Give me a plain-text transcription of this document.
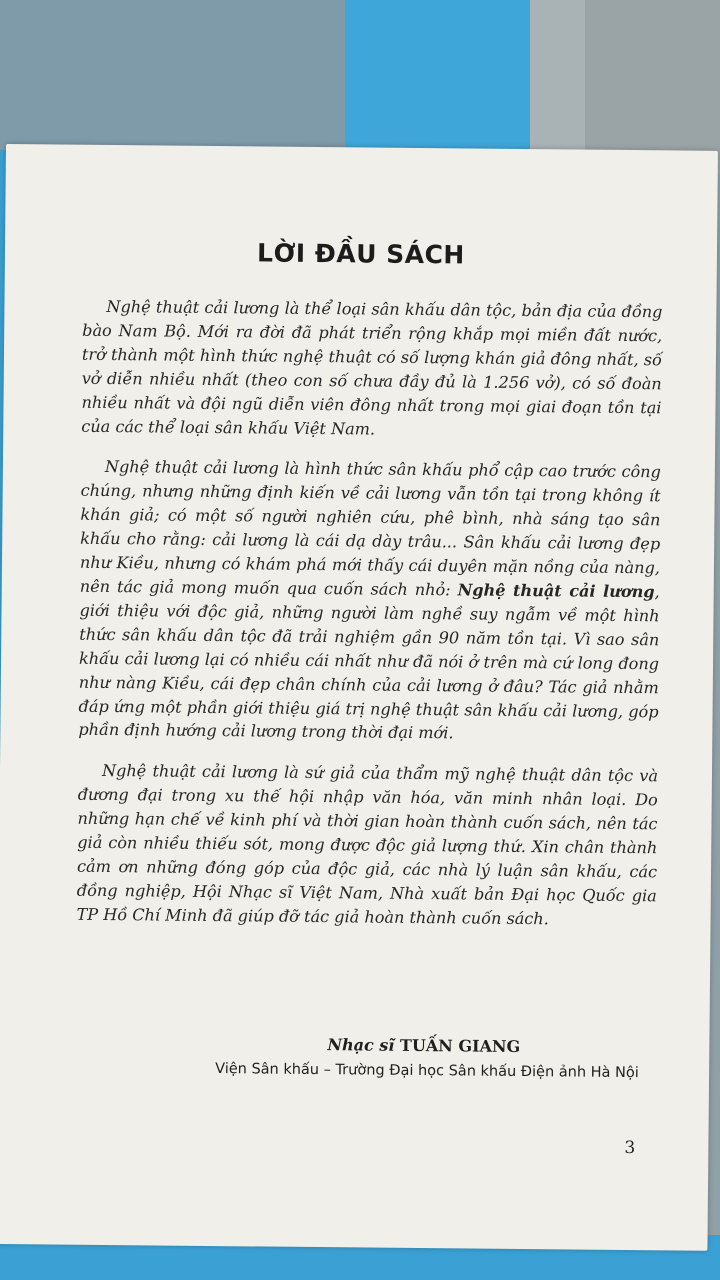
LỜI ĐẦU SÁCH

Nghệ thuật cải lương là thể loại sân khấu dân tộc, bản địa của đồng bào Nam Bộ. Mới ra đời đã phát triển rộng khắp mọi miền đất nước, trở thành một hình thức nghệ thuật có số lượng khán giả đông nhất, số vở diễn nhiều nhất (theo con số chưa đầy đủ là 1.256 vở), có số đoàn nhiều nhất và đội ngũ diễn viên đông nhất trong mọi giai đoạn tồn tại của các thể loại sân khấu Việt Nam.

Nghệ thuật cải lương là hình thức sân khấu phổ cập cao trước công chúng, nhưng những định kiến về cải lương vẫn tồn tại trong không ít khán giả; có một số người nghiên cứu, phê bình, nhà sáng tạo sân khấu cho rằng: cải lương là cái dạ dày trâu... Sân khấu cải lương đẹp như Kiều, nhưng có khám phá mới thấy cái duyên mặn nồng của nàng, nên tác giả mong muốn qua cuốn sách nhỏ: Nghệ thuật cải lương, giới thiệu với độc giả, những người làm nghề suy ngẫm về một hình thức sân khấu dân tộc đã trải nghiệm gần 90 năm tồn tại. Vì sao sân khấu cải lương lại có nhiều cái nhất như đã nói ở trên mà cứ long đong như nàng Kiều, cái đẹp chân chính của cải lương ở đâu? Tác giả nhằm đáp ứng một phần giới thiệu giá trị nghệ thuật sân khấu cải lương, góp phần định hướng cải lương trong thời đại mới.

Nghệ thuật cải lương là sứ giả của thẩm mỹ nghệ thuật dân tộc và đương đại trong xu thế hội nhập văn hóa, văn minh nhân loại. Do những hạn chế về kinh phí và thời gian hoàn thành cuốn sách, nên tác giả còn nhiều thiếu sót, mong được độc giả lượng thứ. Xin chân thành cảm ơn những đóng góp của độc giả, các nhà lý luận sân khấu, các đồng nghiệp, Hội Nhạc sĩ Việt Nam, Nhà xuất bản Đại học Quốc gia TP Hồ Chí Minh đã giúp đỡ tác giả hoàn thành cuốn sách.

Nhạc sĩ TUẤN GIANG
Viện Sân khấu – Trường Đại học Sân khấu Điện ảnh Hà Nội
3
